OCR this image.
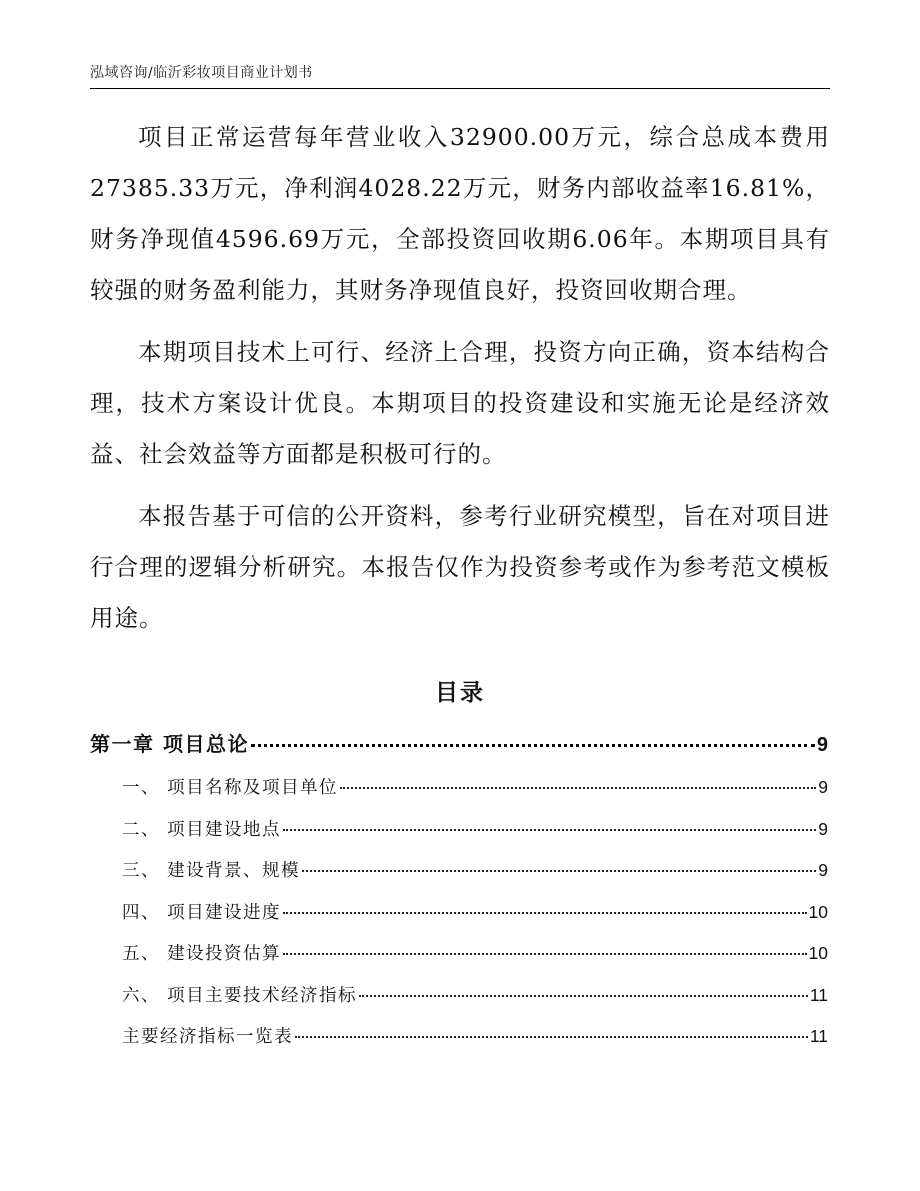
泓域咨询/临沂彩妆项目商业计划书

项目正常运营每年营业收入32900.00万元，综合总成本费用27385.33万元，净利润4028.22万元，财务内部收益率16.81%，财务净现值4596.69万元，全部投资回收期6.06年。本期项目具有较强的财务盈利能力，其财务净现值良好，投资回收期合理。

本期项目技术上可行、经济上合理，投资方向正确，资本结构合理，技术方案设计优良。本期项目的投资建设和实施无论是经济效益、社会效益等方面都是积极可行的。

本报告基于可信的公开资料，参考行业研究模型，旨在对项目进行合理的逻辑分析研究。本报告仅作为投资参考或作为参考范文模板用途。

目录
第一章 项目总论	9
一、 项目名称及项目单位	9
二、 项目建设地点	9
三、 建设背景、规模	9
四、 项目建设进度	10
五、 建设投资估算	10
六、 项目主要技术经济指标	11
主要经济指标一览表	11
